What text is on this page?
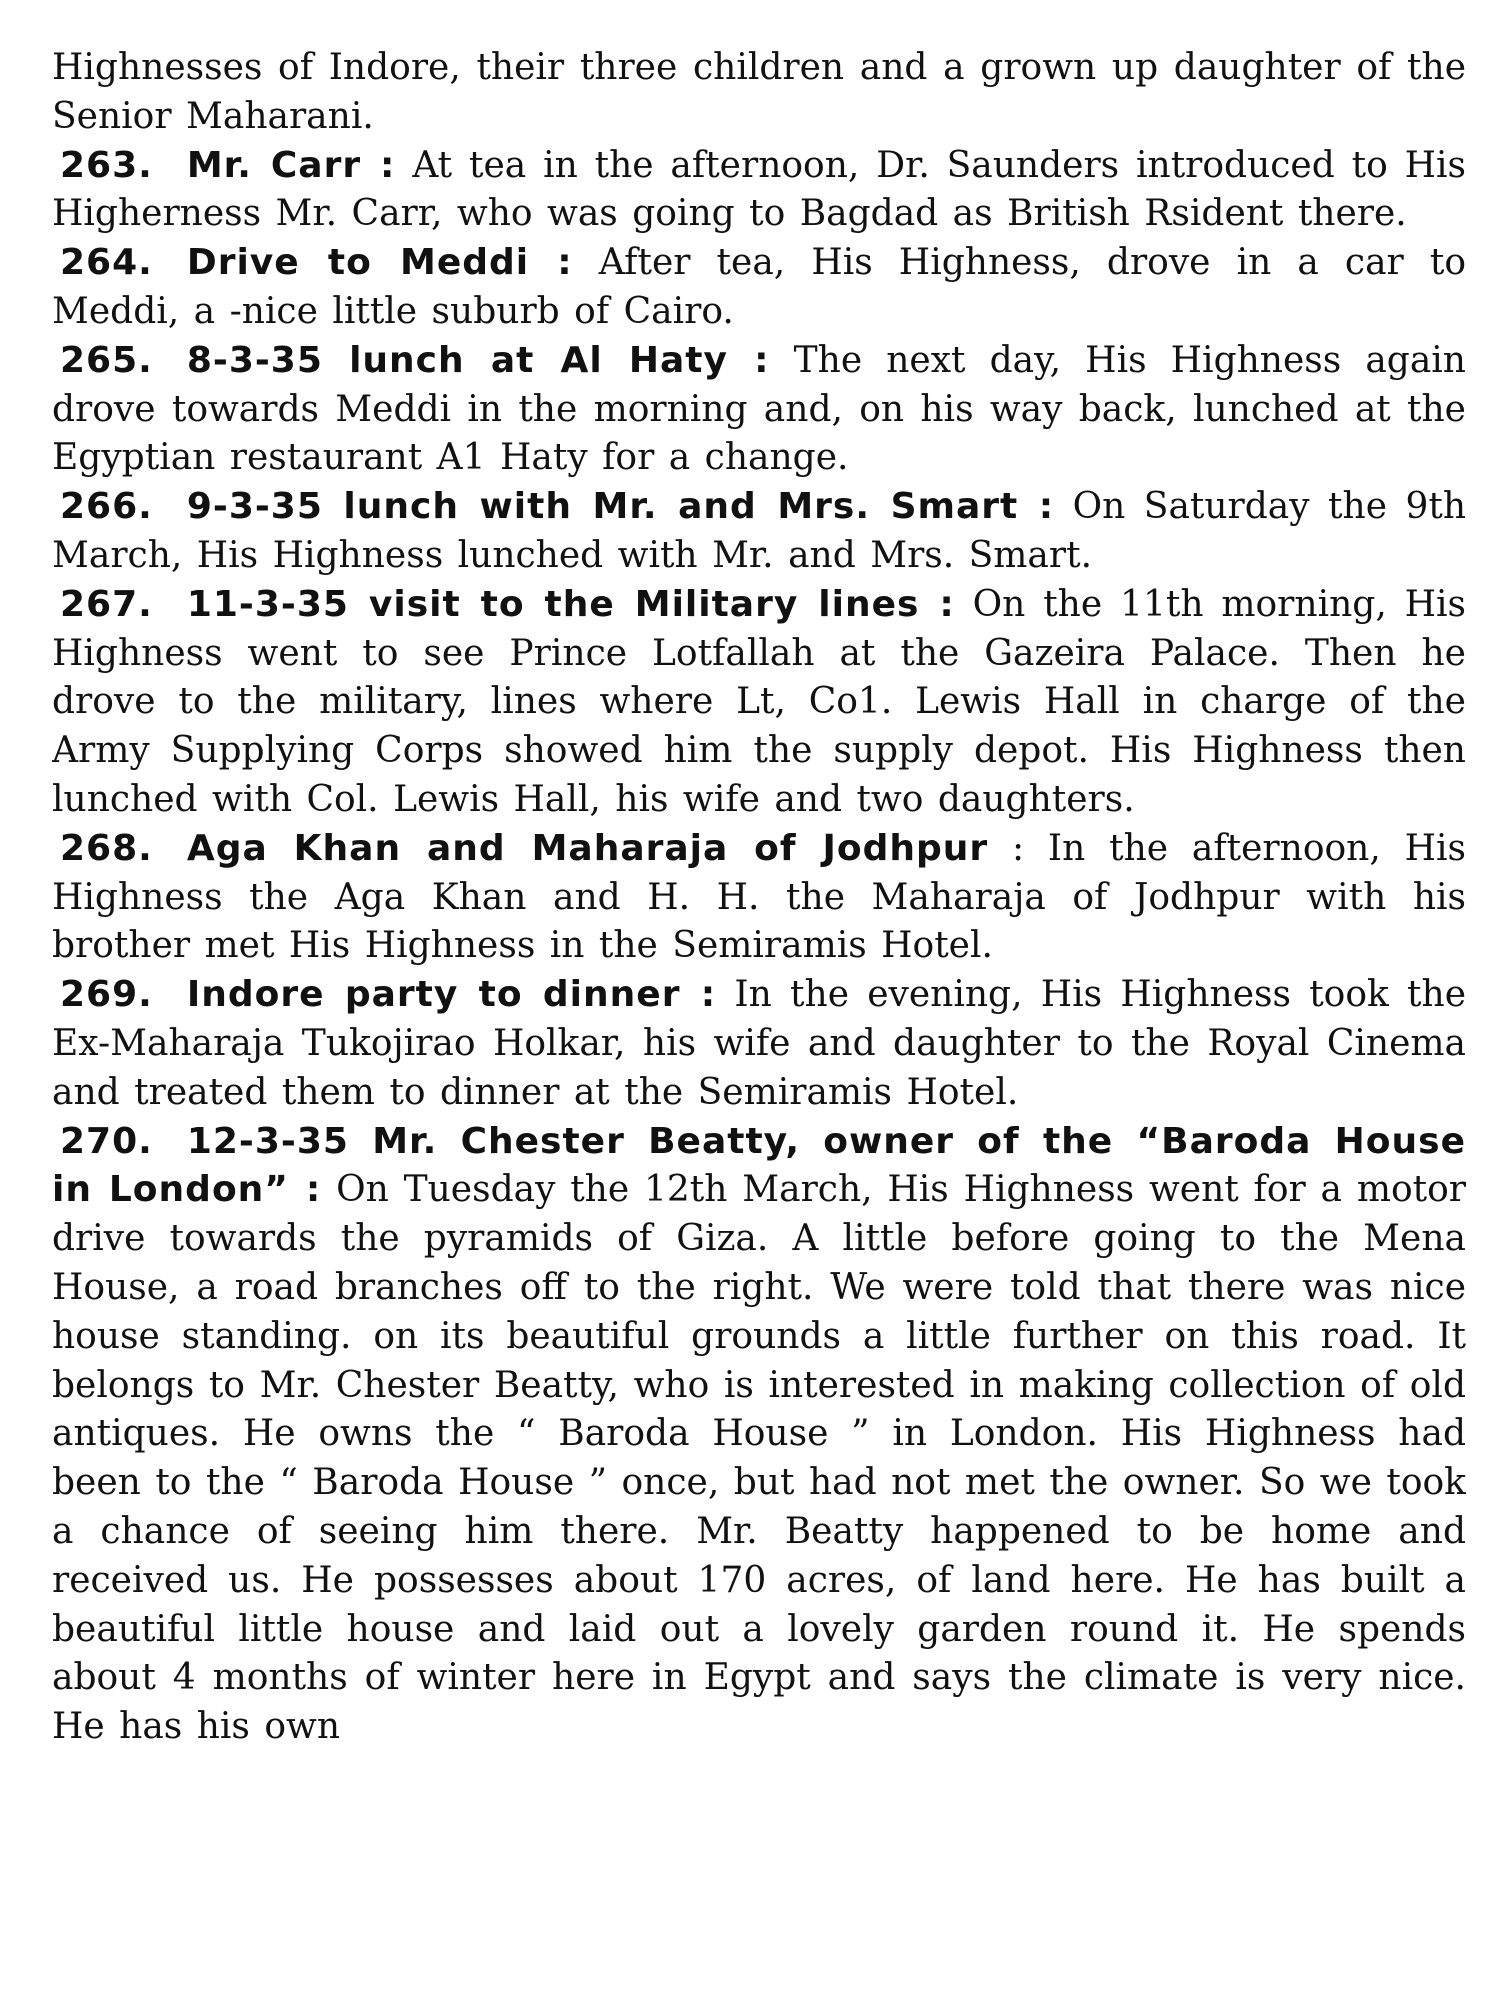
Highnesses of Indore, their three children and a grown up daughter of the Senior Maharani.

263. Mr. Carr : At tea in the afternoon, Dr. Saunders introduced to His Higherness Mr. Carr, who was going to Bagdad as British Rsident there.

264. Drive to Meddi : After tea, His Highness, drove in a car to Meddi, a -nice little suburb of Cairo.

265. 8-3-35 lunch at Al Haty : The next day, His Highness again drove towards Meddi in the morning and, on his way back, lunched at the Egyptian restaurant A1 Haty for a change.

266. 9-3-35 lunch with Mr. and Mrs. Smart : On Saturday the 9th March, His Highness lunched with Mr. and Mrs. Smart.

267. 11-3-35 visit to the Military lines : On the 11th morning, His Highness went to see Prince Lotfallah at the Gazeira Palace. Then he drove to the military, lines where Lt, Co1. Lewis Hall in charge of the Army Supplying Corps showed him the supply depot. His Highness then lunched with Col. Lewis Hall, his wife and two daughters.

268. Aga Khan and Maharaja of Jodhpur : In the afternoon, His Highness the Aga Khan and H. H. the Maharaja of Jodhpur with his brother met His Highness in the Semiramis Hotel.

269. Indore party to dinner : In the evening, His Highness took the Ex-Maharaja Tukojirao Holkar, his wife and daughter to the Royal Cinema and treated them to dinner at the Semiramis Hotel.

270. 12-3-35 Mr. Chester Beatty, owner of the “Baroda House in London” : On Tuesday the 12th March, His Highness went for a motor drive towards the pyramids of Giza. A little before going to the Mena House, a road branches off to the right. We were told that there was nice house standing. on its beautiful grounds a little further on this road. It belongs to Mr. Chester Beatty, who is interested in making collection of old antiques. He owns the “ Baroda House ” in London. His Highness had been to the “ Baroda House ” once, but had not met the owner. So we took a chance of seeing him there. Mr. Beatty happened to be home and received us. He possesses about 170 acres, of land here. He has built a beautiful little house and laid out a lovely garden round it. He spends about 4 months of winter here in Egypt and says the climate is very nice. He has his own
